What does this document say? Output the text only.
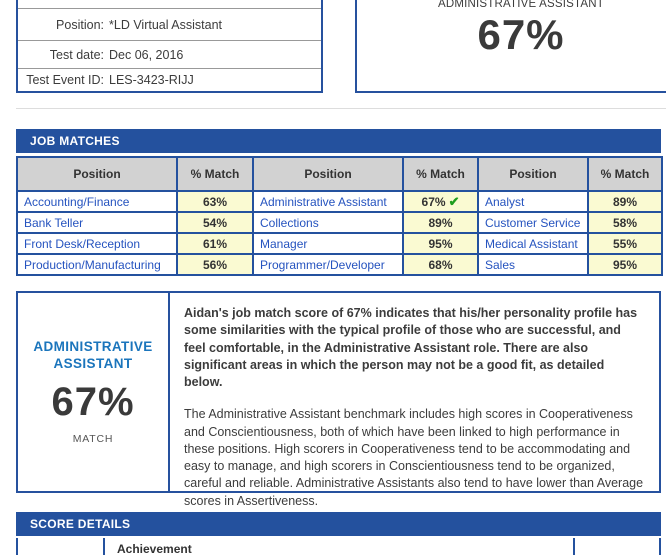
Position: *LD Virtual Assistant
Test date: Dec 06, 2016
Test Event ID: LES-3423-RIJJ
ADMINISTRATIVE ASSISTANT
67%
JOB MATCHES
Position	% Match	Position	% Match	Position	% Match
Accounting/Finance	63%	Administrative Assistant	67% ✔	Analyst	89%
Bank Teller	54%	Collections	89%	Customer Service	58%
Front Desk/Reception	61%	Manager	95%	Medical Assistant	55%
Production/Manufacturing	56%	Programmer/Developer	68%	Sales	95%
ADMINISTRATIVE ASSISTANT
67%
MATCH

Aidan's job match score of 67% indicates that his/her personality profile has some similarities with the typical profile of those who are successful, and feel comfortable, in the Administrative Assistant role. There are also significant areas in which the person may not be a good fit, as detailed below.

The Administrative Assistant benchmark includes high scores in Cooperativeness and Conscientiousness, both of which have been linked to high performance in these positions. High scorers in Cooperativeness tend to be accommodating and easy to manage, and high scorers in Conscientiousness tend to be organized, careful and reliable. Administrative Assistants also tend to have lower than Average scores in Assertiveness.

SCORE DETAILS
Achievement
